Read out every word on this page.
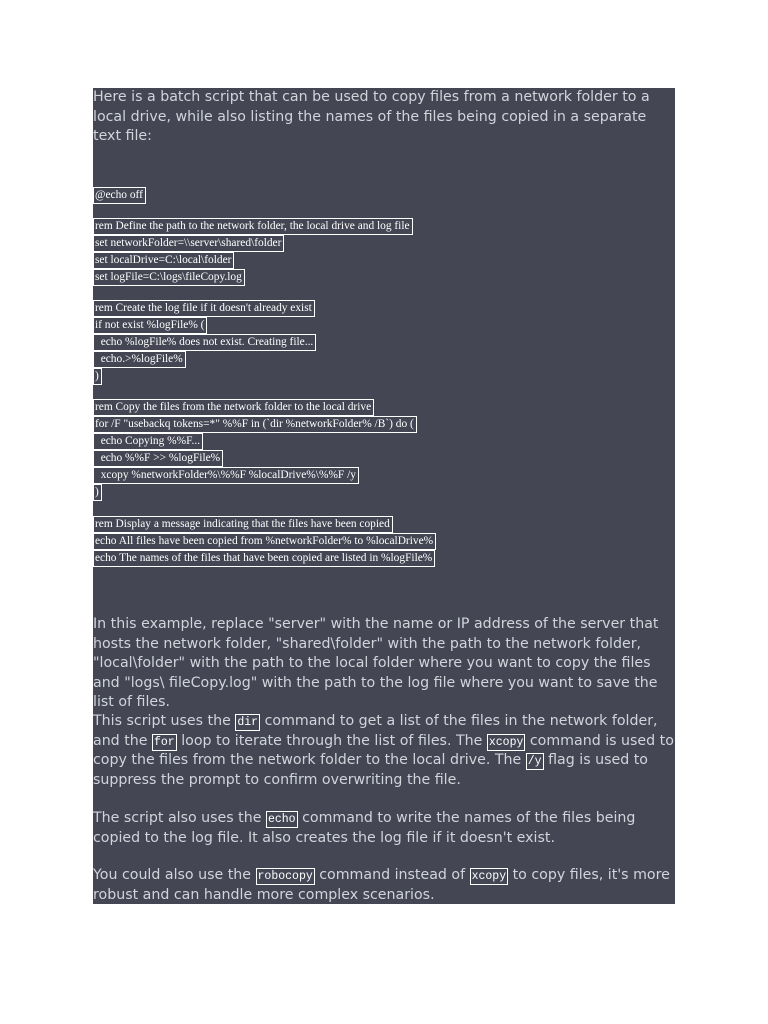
Here is a batch script that can be used to copy files from a network folder to a local drive, while also listing the names of the files being copied in a separate text file:

@echo off
rem Define the path to the network folder, the local drive and log file
set networkFolder=\\server\shared\folder
set localDrive=C:\local\folder
set logFile=C:\logs\fileCopy.log
rem Create the log file if it doesn't already exist
if not exist %logFile% (
echo %logFile% does not exist. Creating file...
echo.>%logFile%
)
rem Copy the files from the network folder to the local drive
for /F "usebackq tokens=*" %%F in (`dir %networkFolder% /B`) do (
echo Copying %%F...
echo %%F >> %logFile%
xcopy %networkFolder%\%%F %localDrive%\%%F /y
)
rem Display a message indicating that the files have been copied
echo All files have been copied from %networkFolder% to %localDrive%
echo The names of the files that have been copied are listed in %logFile%

In this example, replace "server" with the name or IP address of the server that hosts the network folder, "shared\folder" with the path to the network folder, "local\folder" with the path to the local folder where you want to copy the files and "logs\ fileCopy.log" with the path to the log file where you want to save the list of files.

This script uses the dir command to get a list of the files in the network folder, and the for loop to iterate through the list of files. The xcopy command is used to copy the files from the network folder to the local drive. The /y flag is used to suppress the prompt to confirm overwriting the file.

The script also uses the echo command to write the names of the files being copied to the log file. It also creates the log file if it doesn't exist.

You could also use the robocopy command instead of xcopy to copy files, it's more robust and can handle more complex scenarios.
